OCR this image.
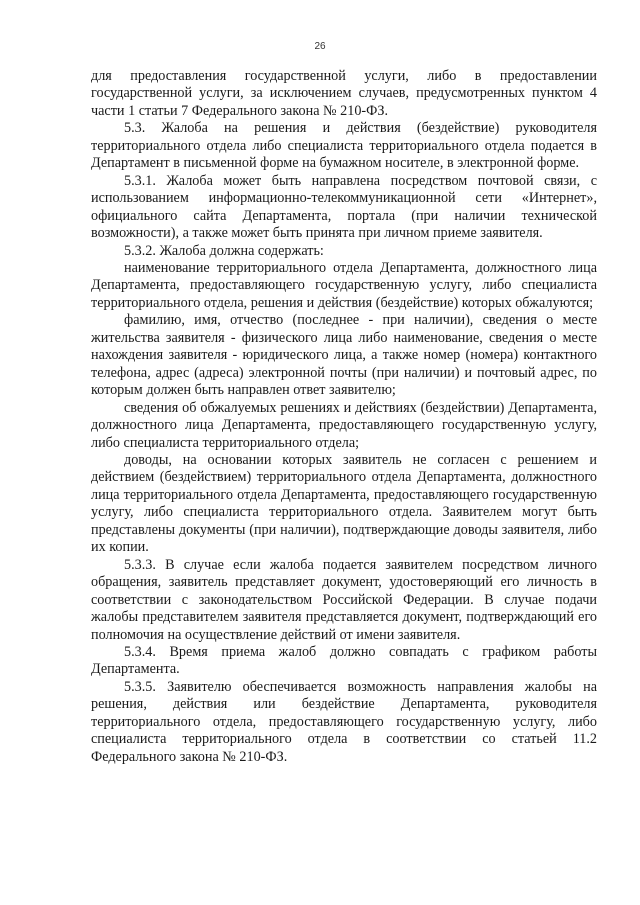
26

для предоставления государственной услуги, либо в предоставлении государственной услуги, за исключением случаев, предусмотренных пунктом 4 части 1 статьи 7 Федерального закона № 210-ФЗ.

5.3. Жалоба на решения и действия (бездействие) руководителя территориального отдела либо специалиста территориального отдела подается в Департамент в письменной форме на бумажном носителе, в электронной форме.

5.3.1. Жалоба может быть направлена посредством почтовой связи, с использованием информационно-телекоммуникационной сети «Интернет», официального сайта Департамента, портала (при наличии технической возможности), а также может быть принята при личном приеме заявителя.

5.3.2. Жалоба должна содержать:

наименование территориального отдела Департамента, должностного лица Департамента, предоставляющего государственную услугу, либо специалиста территориального отдела, решения и действия (бездействие) которых обжалуются;

фамилию, имя, отчество (последнее - при наличии), сведения о месте жительства заявителя - физического лица либо наименование, сведения о месте нахождения заявителя - юридического лица, а также номер (номера) контактного телефона, адрес (адреса) электронной почты (при наличии) и почтовый адрес, по которым должен быть направлен ответ заявителю;

сведения об обжалуемых решениях и действиях (бездействии) Департамента, должностного лица Департамента, предоставляющего государственную услугу, либо специалиста территориального отдела;

доводы, на основании которых заявитель не согласен с решением и действием (бездействием) территориального отдела Департамента, должностного лица территориального отдела Департамента, предоставляющего государственную услугу, либо специалиста территориального отдела. Заявителем могут быть представлены документы (при наличии), подтверждающие доводы заявителя, либо их копии.

5.3.3. В случае если жалоба подается заявителем посредством личного обращения, заявитель представляет документ, удостоверяющий его личность в соответствии с законодательством Российской Федерации. В случае подачи жалобы представителем заявителя представляется документ, подтверждающий его полномочия на осуществление действий от имени заявителя.

5.3.4. Время приема жалоб должно совпадать с графиком работы Департамента.

5.3.5. Заявителю обеспечивается возможность направления жалобы на решения, действия или бездействие Департамента, руководителя территориального отдела, предоставляющего государственную услугу, либо специалиста территориального отдела в соответствии со статьей 11.2 Федерального закона № 210-ФЗ.
